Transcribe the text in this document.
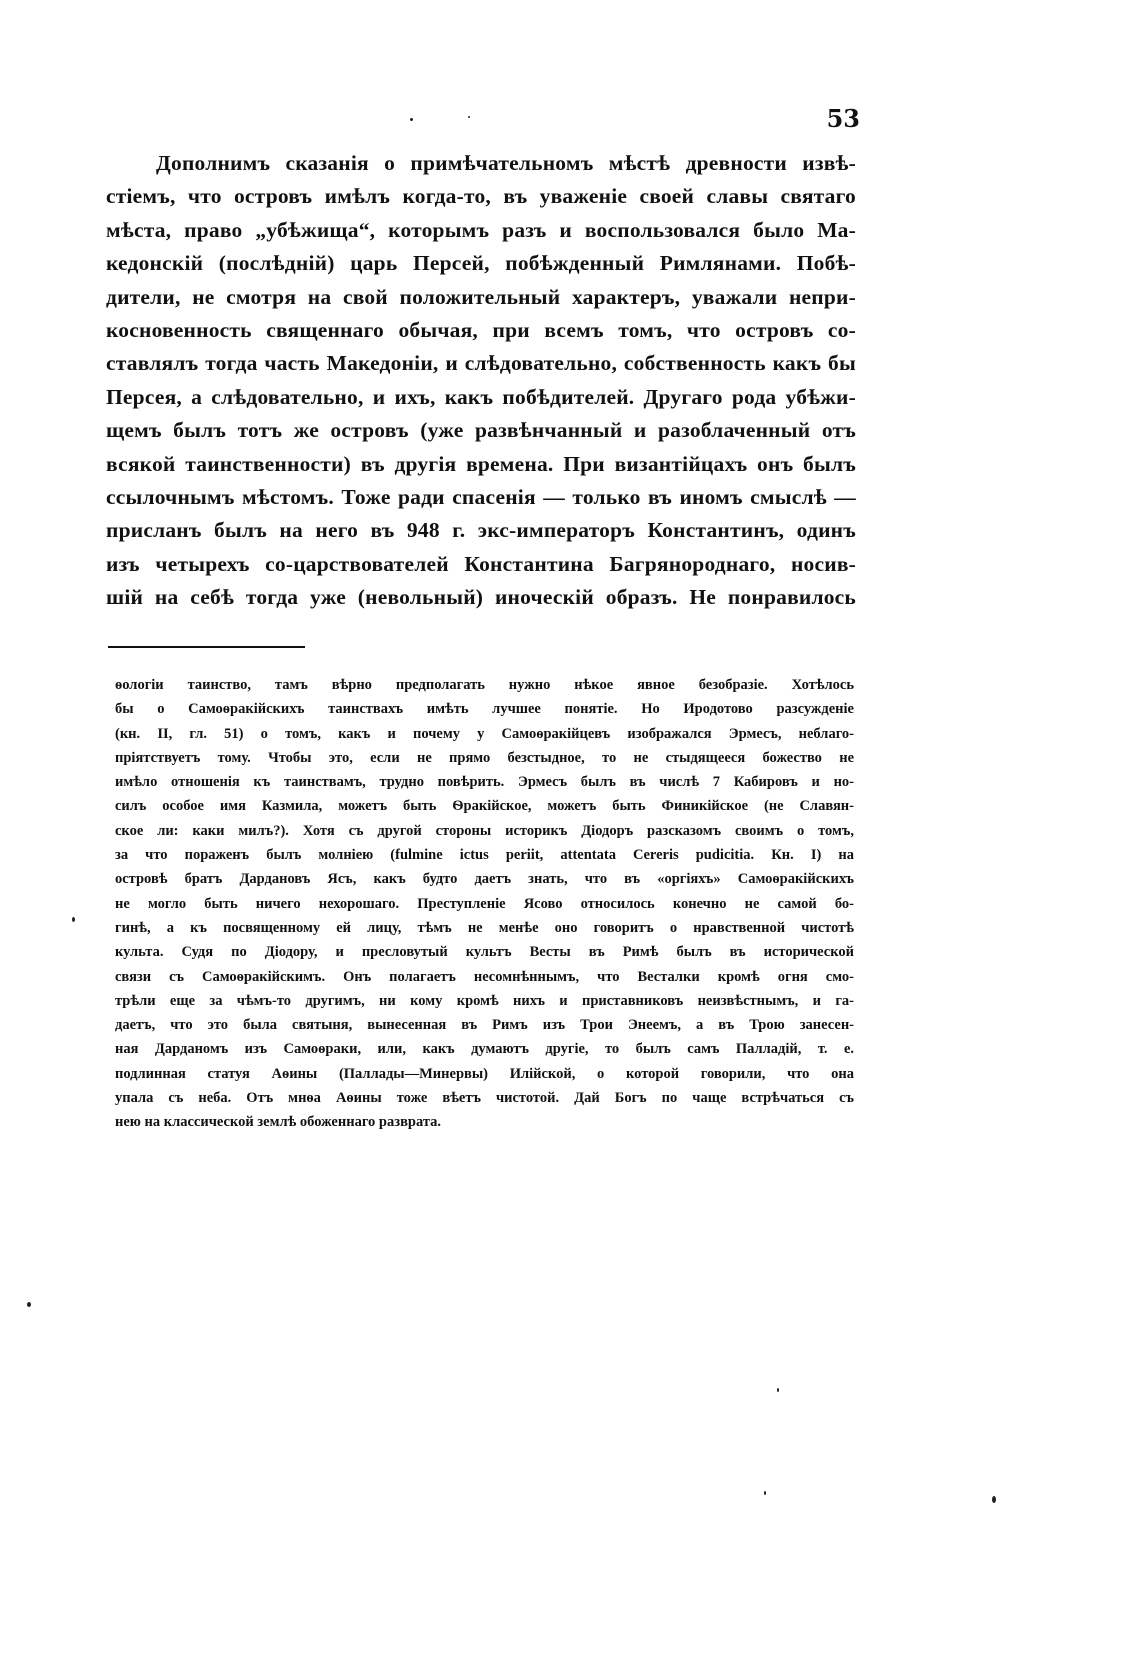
53
Дополнимъ сказанія о примѣчательномъ мѣстѣ древности извѣ-
стіемъ, что островъ имѣлъ когда-то, въ уваженіе своей славы святаго
мѣста, право „убѣжища“, которымъ разъ и воспользовался было Ма-
кедонскій (послѣдній) царь Персей, побѣжденный Римлянами. Побѣ-
дители, не смотря на свой положительный характеръ, уважали непри-
косновенность священнаго обычая, при всемъ томъ, что островъ со-
ставлялъ тогда часть Македоніи, и слѣдовательно, собственность какъ бы
Персея, а слѣдовательно, и ихъ, какъ побѣдителей. Другаго рода убѣжи-
щемъ былъ тотъ же островъ (уже развѣнчанный и разоблаченный отъ
всякой таинственности) въ другія времена. При византійцахъ онъ былъ
ссылочнымъ мѣстомъ. Тоже ради спасенія — только въ иномъ смыслѣ —
присланъ былъ на него въ 948 г. экс-императоръ Константинъ, одинъ
изъ четырехъ со-царствователей Константина Багрянороднаго, носив-
шій на себѣ тогда уже (невольный) иноческій образъ. Не понравилось
ѳологіи таинство, тамъ вѣрно предполагать нужно нѣкое явное безобразіе. Хотѣлось
бы о Самоѳракійскихъ таинствахъ имѣть лучшее понятіе. Но Иродотово разсужденіе
(кн. II, гл. 51) о томъ, какъ и почему у Самоѳракійцевъ изображался Эрмесъ, неблаго-
пріятствуетъ тому. Чтобы это, если не прямо безстыдное, то не стыдящееся божество не
имѣло отношенія къ таинствамъ, трудно повѣрить. Эрмесъ былъ въ числѣ 7 Кабировъ и но-
силъ особое имя Казмила, можетъ быть Ѳракійское, можетъ быть Финикійское (не Славян-
ское ли: каки милъ?). Хотя съ другой стороны историкъ Діодоръ разсказомъ своимъ о томъ,
за что пораженъ былъ молніею (fulmine ictus periit, attentata Cereris pudicitia. Кн. I) на
островѣ братъ Дардановъ Ясъ, какъ будто даетъ знать, что въ «оргіяхъ» Самоѳракійскихъ
не могло быть ничего нехорошаго. Преступленіе Ясово относилось конечно не самой бо-
гинѣ, а къ посвященному ей лицу, тѣмъ не менѣе оно говоритъ о нравственной чистотѣ
культа. Судя по Діодору, и пресловутый культъ Весты въ Римѣ былъ въ исторической
связи съ Самоѳракійскимъ. Онъ полагаетъ несомнѣннымъ, что Весталки кромѣ огня смо-
трѣли еще за чѣмъ-то другимъ, ни кому кромѣ нихъ и приставниковъ неизвѣстнымъ, и га-
даетъ, что это была святыня, вынесенная въ Римъ изъ Трои Энеемъ, а въ Трою занесен-
ная Дарданомъ изъ Самоѳраки, или, какъ думаютъ другіе, то былъ самъ Палладій, т. е.
подлинная статуя Аѳины (Паллады—Минервы) Илійской, о которой говорили, что она
упала съ неба. Отъ мнѳа Аѳины тоже вѣетъ чистотой. Дай Богъ по чаще встрѣчаться съ
нею на классической землѣ обоженнаго разврата.
